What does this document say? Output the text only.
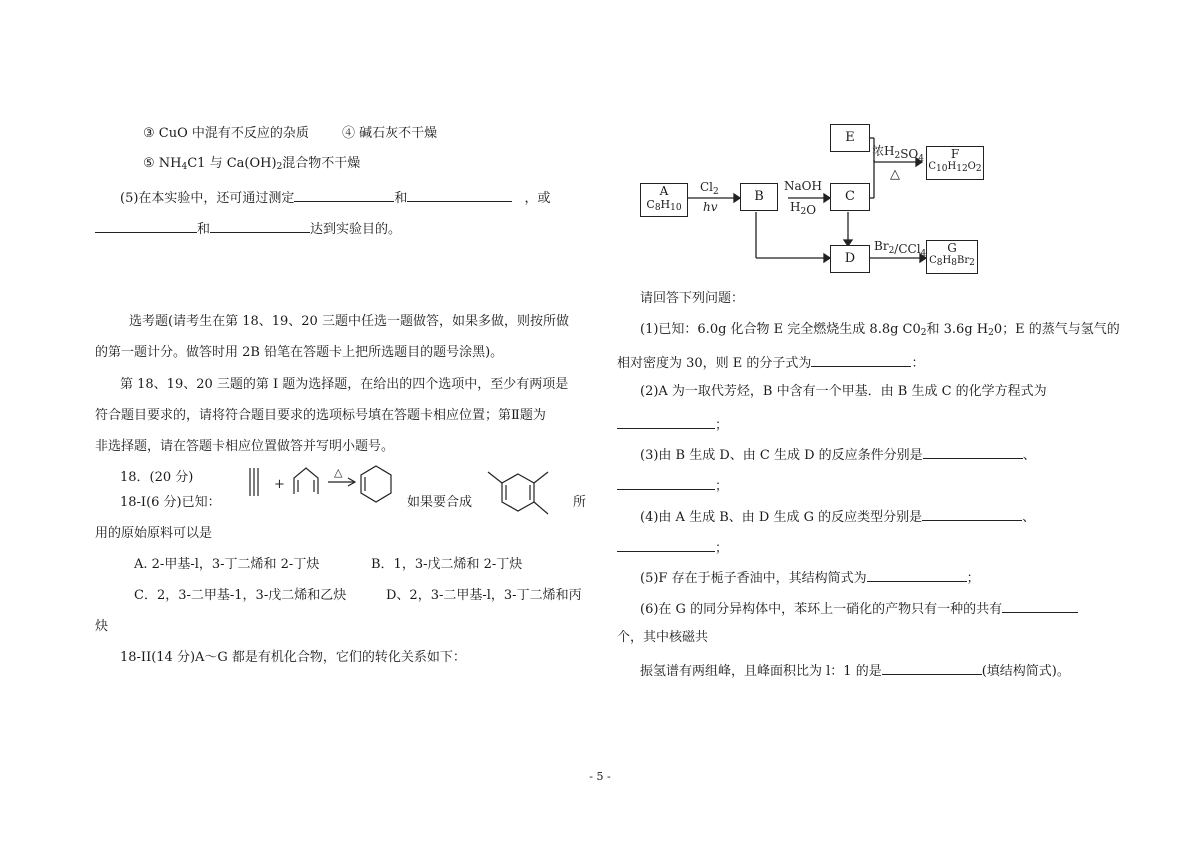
③ CuO 中混有不反应的杂质	④ 碱石灰不干燥
⑤ $NH_4C1$ 与 $Ca(OH)_2$混合物不干燥
(5)在本实验中，还可通过测定	和	，或
和	达到实验目的。
选考题(请考生在第 18、19、20 三题中任选一题做答，如果多做，则按所做
的第一题计分。做答时用 2B 铅笔在答题卡上把所选题目的题号涂黑)。
第 18、19、20 三题的第 I 题为选择题，在给出的四个选项中，至少有两项是
符合题目要求的，请将符合题目要求的选项标号填在答题卡相应位置；第Ⅱ题为
非选择题，请在答题卡相应位置做答并写明小题号。
18．(20 分)
18-I(6 分)已知：
+
△
如果要合成	所
用的原始原料可以是
A. 2-甲基-l，3-丁二烯和 2-丁炔	B．1，3-戊二烯和 2-丁炔
C．2，3-二甲基-1，3-戊二烯和乙炔	D、2，3-二甲基-l，3-丁二烯和丙
炔
18-II(14 分)A～G 都是有机化合物，它们的转化关系如下：
$Cl_2$
hv
NaOH
$H_2O$
浓$H_2SO_4$
△
$Br_2/CCl_4$
A
$C_8H_{10}$
B	C
E
D
F
$C_{10}H_{12}O_2$
G
$C_8H_8Br_2$
请回答下列问题：
(1)已知：6.0g 化合物 E 完全燃烧生成 8.8g $C0_2$和 3.6g $H_20$；E 的蒸气与氢气的
相对密度为 30，则 E 的分子式为	：
(2)A 为一取代芳烃，B 中含有一个甲基．由 B 生成 C 的化学方程式为
；
(3)由 B 生成 D、由 C 生成 D 的反应条件分别是	、
；
(4)由 A 生成 B、由 D 生成 G 的反应类型分别是	、
；
(5)F 存在于栀子香油中，其结构简式为	；
(6)在 G 的同分异构体中，苯环上一硝化的产物只有一种的共有
个，其中核磁共
振氢谱有两组峰，且峰面积比为 l：1 的是	(填结构简式)。
- 5 -
